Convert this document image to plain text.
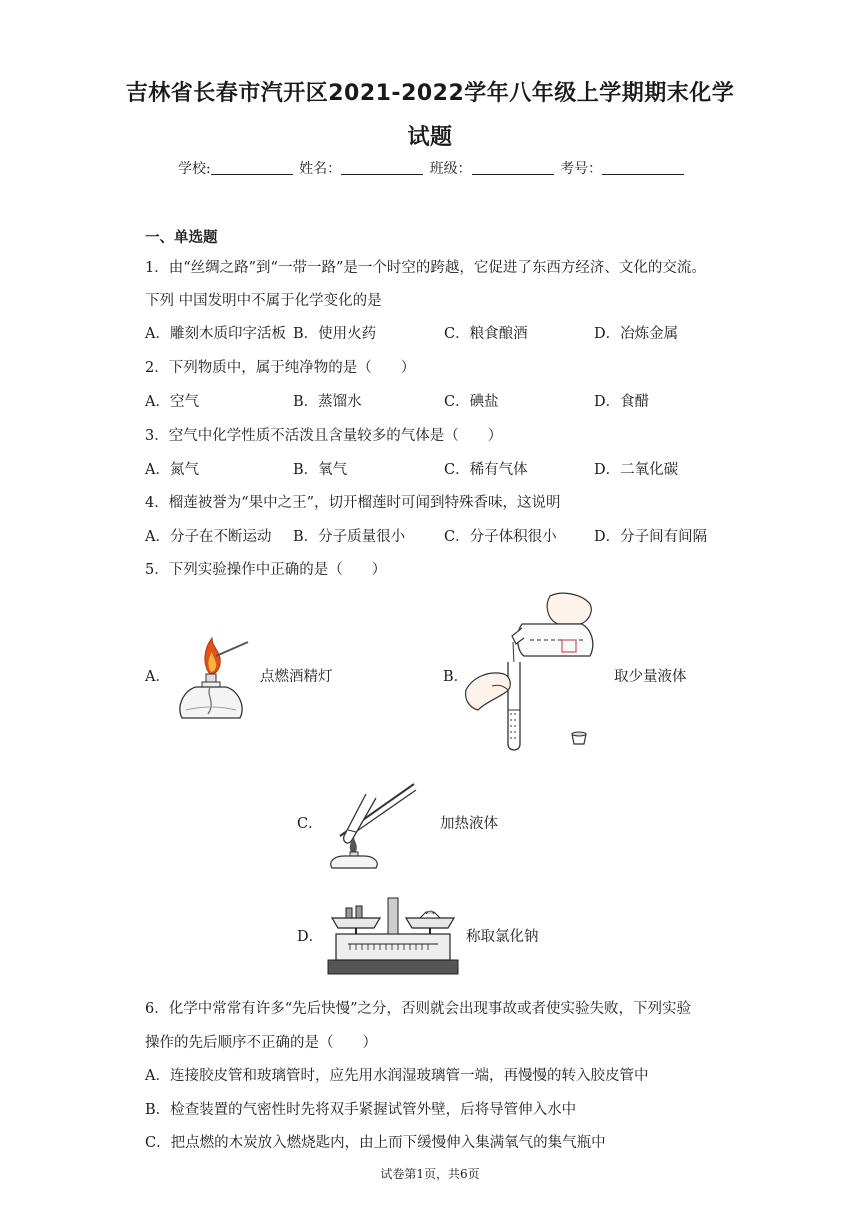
吉林省长春市汽开区2021-2022学年八年级上学期期末化学
试题
学校:	姓名：	班级：	考号：
一、单选题
1．由“丝绸之路”到“一带一路”是一个时空的跨越，它促进了东西方经济、文化的交流。
下列 中国发明中不属于化学变化的是
A．雕刻木质印字活板 B．使用火药	C．粮食酿酒	D．冶炼金属
2．下列物质中，属于纯净物的是（　　）
A．空气	B．蒸馏水	C．碘盐	D．食醋
3．空气中化学性质不活泼且含量较多的气体是（　　）
A．氮气	B．氧气	C．稀有气体	D．二氧化碳
4．榴莲被誉为“果中之王”，切开榴莲时可闻到特殊香味，这说明
A．分子在不断运动 B．分子质量很小	C．分子体积很小	D．分子间有间隔
5．下列实验操作中正确的是（　　）
A．	点燃酒精灯	B．	取少量液体
C．	加热液体
D．	称取氯化钠
6．化学中常常有许多“先后快慢”之分，否则就会出现事故或者使实验失败，下列实验
操作的先后顺序不正确的是（　　）
A．连接胶皮管和玻璃管时，应先用水润湿玻璃管一端，再慢慢的转入胶皮管中
B．检查装置的气密性时先将双手紧握试管外壁，后将导管伸入水中
C．把点燃的木炭放入燃烧匙内，由上而下缓慢伸入集满氧气的集气瓶中
试卷第1页，共6页
